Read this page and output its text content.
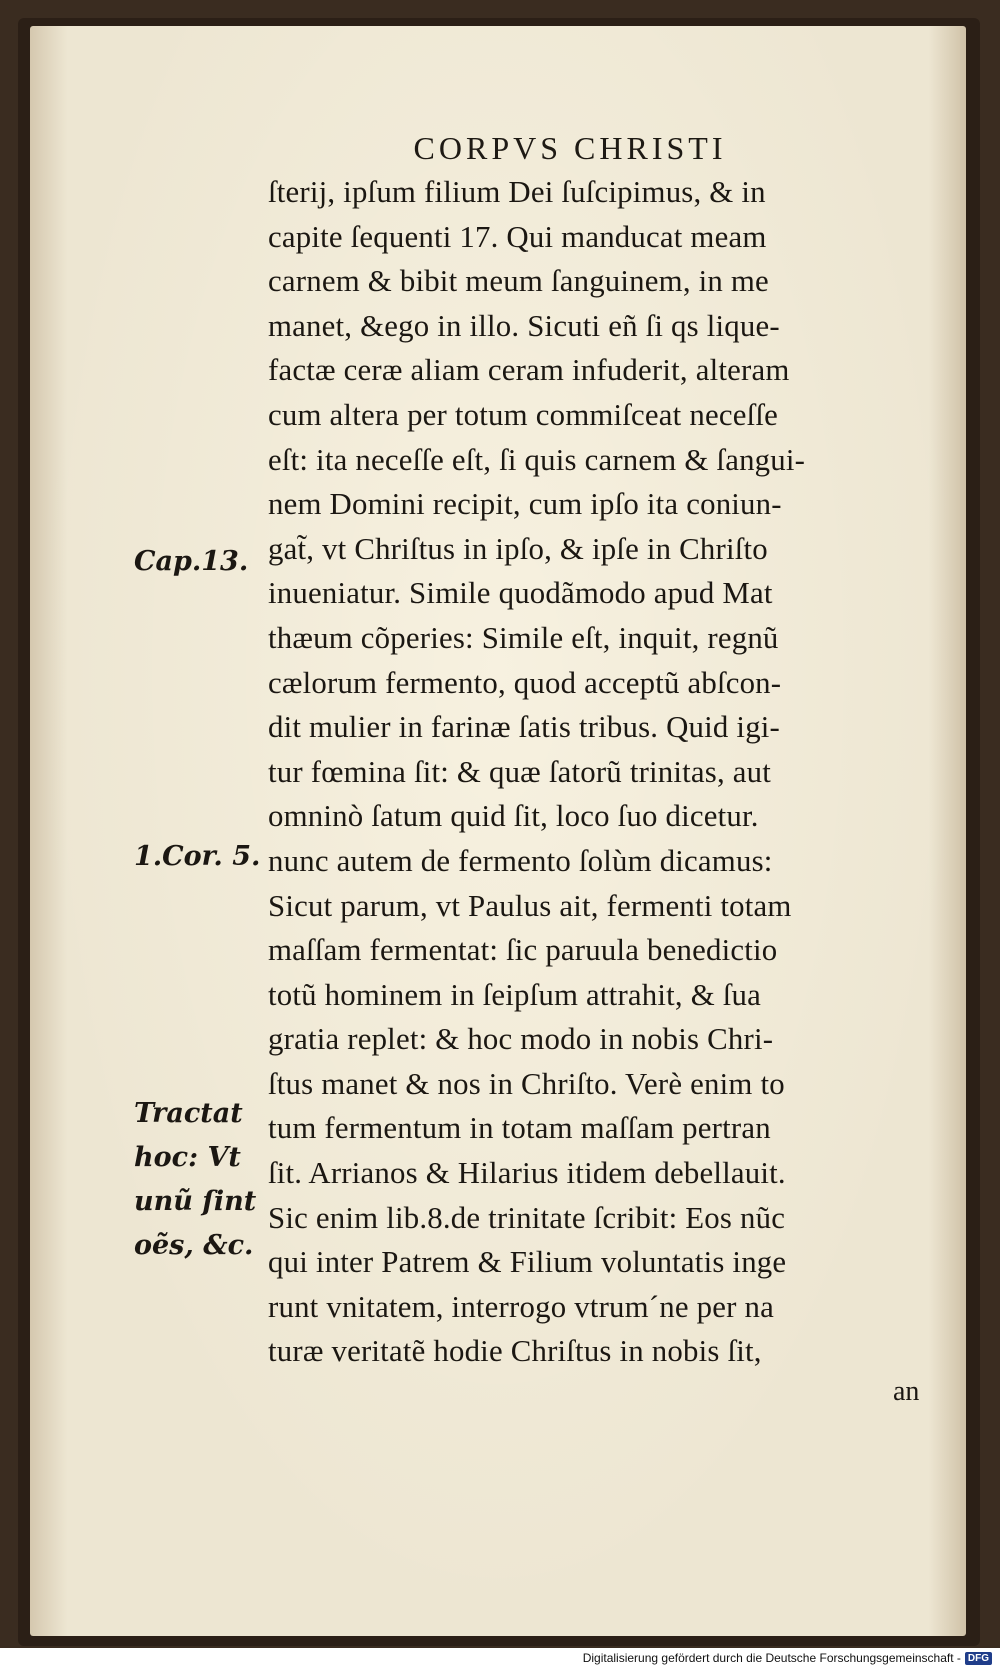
CORPVS CHRISTI
ſterij, ipſum filium Dei ſuſcipimus, & in
capite ſequenti 17. Qui manducat meam
carnem & bibit meum ſanguinem, in me
manet, &ego in illo. Sicuti eñ ſi qs lique-
factæ ceræ aliam ceram infuderit, alteram
cum altera per totum commiſceat neceſſe
eſt: ita neceſſe eſt, ſi quis carnem & ſangui-
nem Domini recipit, cum ipſo ita coniun-
gat̃, vt Chriſtus in ipſo, & ipſe in Chriſto
inueniatur. Simile quodãmodo apud Mat
thæum cõperies: Simile eſt, inquit, regnũ
cælorum fermento, quod acceptũ abſcon-
dit mulier in farinæ ſatis tribus. Quid igi-
tur fœmina ſit: & quæ ſatorũ trinitas, aut
omninò ſatum quid ſit, loco ſuo dicetur.
nunc autem de fermento ſolùm dicamus:
Sicut parum, vt Paulus ait, fermenti totam
maſſam fermentat: ſic paruula benedictio
totũ hominem in ſeipſum attrahit, & ſua
gratia replet: & hoc modo in nobis Chri-
ſtus manet & nos in Chriſto. Verè enim to
tum fermentum in totam maſſam pertran
ſit. Arrianos & Hilarius itidem debellauit.
Sic enim lib.8.de trinitate ſcribit: Eos nũc
qui inter Patrem & Filium voluntatis inge
runt vnitatem, interrogo vtrum´ne per na
turæ veritatẽ hodie Chriſtus in nobis ſit,
Cap.13.
1.Cor. 5.
Tractat
hoc: Vt
unũ ſint
oẽs, &c.
an
Digitalisierung gefördert durch die Deutsche Forschungsgemeinschaft - DFG
